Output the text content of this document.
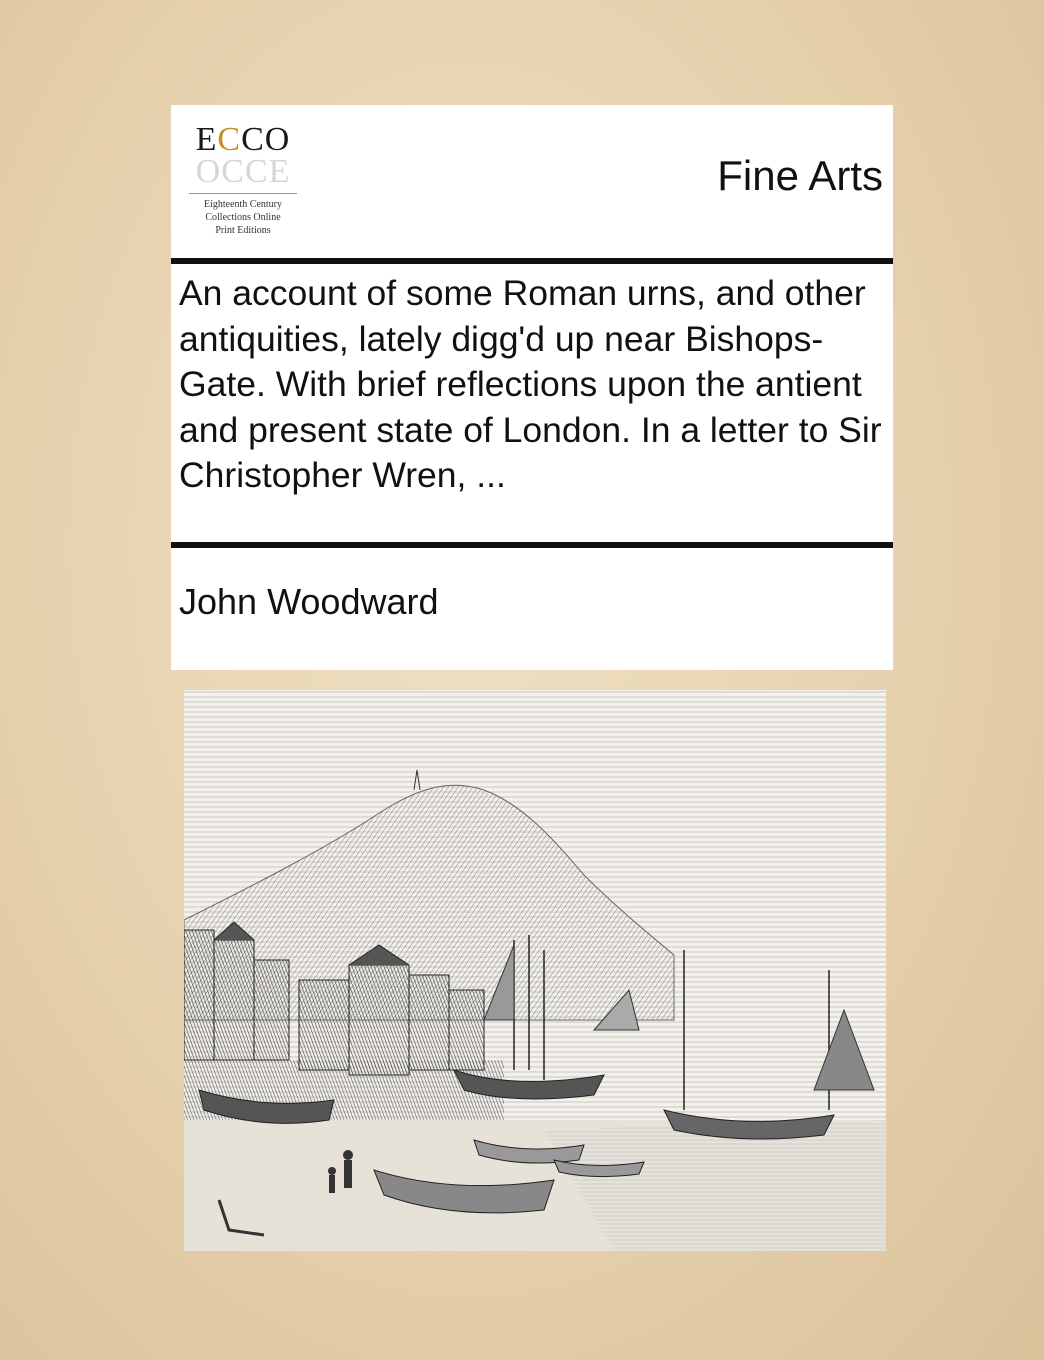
ECCO
OCCE
Eighteenth Century
Collections Online
Print Editions
Fine Arts
An account of some Roman urns, and other antiquities, lately digg'd up near Bishops-Gate. With brief reflections upon the antient and present state of London. In a letter to Sir Christopher Wren, ...
John Woodward
